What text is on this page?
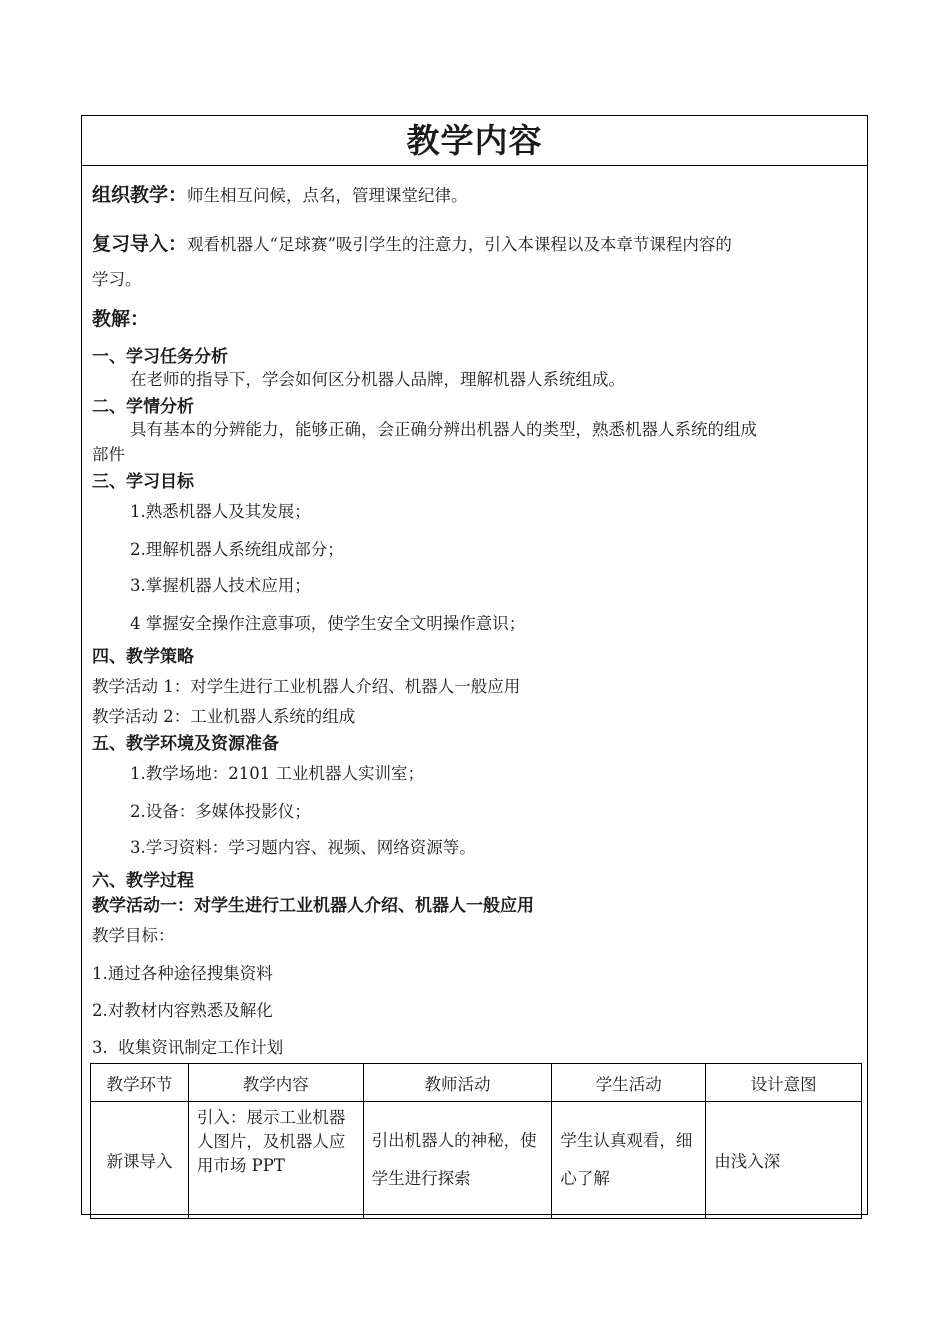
教学内容
组织教学：师生相互问候，点名，管理课堂纪律。
复习导入：观看机器人“足球赛”吸引学生的注意力，引入本课程以及本章节课程内容的
学习。
教解：
一、学习任务分析
在老师的指导下，学会如何区分机器人品牌，理解机器人系统组成。
二、学情分析
具有基本的分辨能力，能够正确，会正确分辨出机器人的类型，熟悉机器人系统的组成
部件
三、学习目标
1.熟悉机器人及其发展；
2.理解机器人系统组成部分；
3.掌握机器人技术应用；
4 掌握安全操作注意事项，使学生安全文明操作意识；
四、教学策略
教学活动 1：对学生进行工业机器人介绍、机器人一般应用
教学活动 2：工业机器人系统的组成
五、教学环境及资源准备
1.教学场地：2101 工业机器人实训室；
2.设备：多媒体投影仪；
3.学习资料：学习题内容、视频、网络资源等。
六、教学过程
教学活动一：对学生进行工业机器人介绍、机器人一般应用
教学目标：
1.通过各种途径搜集资料
2.对教材内容熟悉及解化
3.  收集资讯制定工作计划
教学环节	教学内容	教师活动	学生活动	设计意图
新课导入	引入：展示工业机器人图片，及机器人应用市场 PPT	引出机器人的神秘，使学生进行探索	学生认真观看，细心了解	由浅入深
